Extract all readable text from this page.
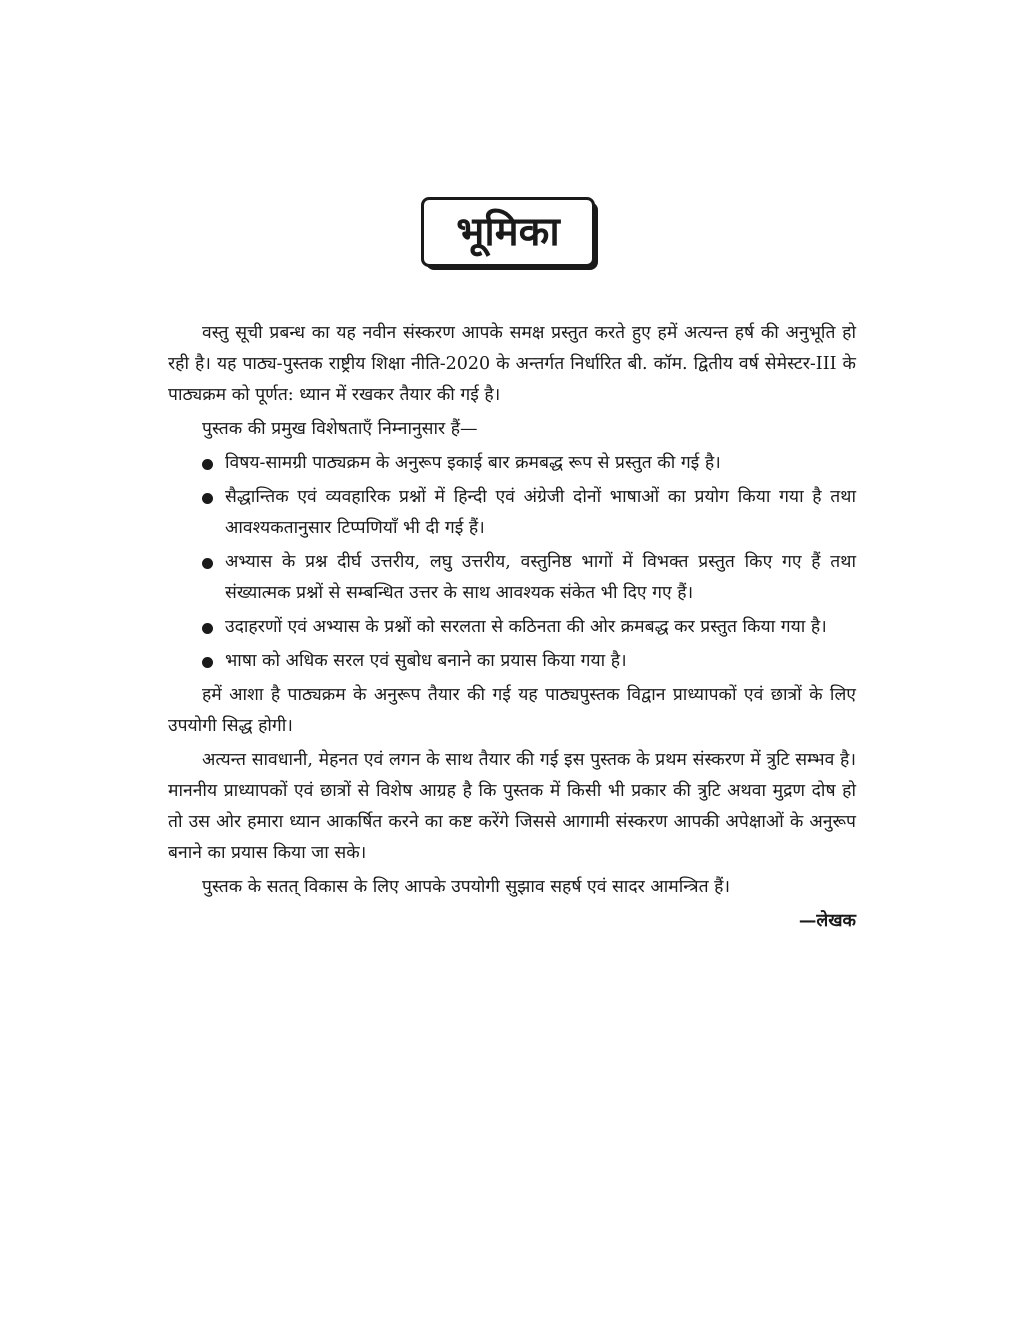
भूमिका

वस्तु सूची प्रबन्ध का यह नवीन संस्करण आपके समक्ष प्रस्तुत करते हुए हमें अत्यन्त हर्ष की अनुभूति हो रही है। यह पाठ्य-पुस्तक राष्ट्रीय शिक्षा नीति-2020 के अन्तर्गत निर्धारित बी. कॉम. द्वितीय वर्ष सेमेस्टर-III के पाठ्यक्रम को पूर्णत: ध्यान में रखकर तैयार की गई है।

पुस्तक की प्रमुख विशेषताएँ निम्नानुसार हैं—

विषय-सामग्री पाठ्यक्रम के अनुरूप इकाई बार क्रमबद्ध रूप से प्रस्तुत की गई है।
सैद्धान्तिक एवं व्यवहारिक प्रश्नों में हिन्दी एवं अंग्रेजी दोनों भाषाओं का प्रयोग किया गया है तथा आवश्यकतानुसार टिप्पणियाँ भी दी गई हैं।
अभ्यास के प्रश्न दीर्घ उत्तरीय, लघु उत्तरीय, वस्तुनिष्ठ भागों में विभक्त प्रस्तुत किए गए हैं तथा संख्यात्मक प्रश्नों से सम्बन्धित उत्तर के साथ आवश्यक संकेत भी दिए गए हैं।
उदाहरणों एवं अभ्यास के प्रश्नों को सरलता से कठिनता की ओर क्रमबद्ध कर प्रस्तुत किया गया है।
भाषा को अधिक सरल एवं सुबोध बनाने का प्रयास किया गया है।

हमें आशा है पाठ्यक्रम के अनुरूप तैयार की गई यह पाठ्यपुस्तक विद्वान प्राध्यापकों एवं छात्रों के लिए उपयोगी सिद्ध होगी।

अत्यन्त सावधानी, मेहनत एवं लगन के साथ तैयार की गई इस पुस्तक के प्रथम संस्करण में त्रुटि सम्भव है। माननीय प्राध्यापकों एवं छात्रों से विशेष आग्रह है कि पुस्तक में किसी भी प्रकार की त्रुटि अथवा मुद्रण दोष हो तो उस ओर हमारा ध्यान आकर्षित करने का कष्ट करेंगे जिससे आगामी संस्करण आपकी अपेक्षाओं के अनुरूप बनाने का प्रयास किया जा सके।

पुस्तक के सतत् विकास के लिए आपके उपयोगी सुझाव सहर्ष एवं सादर आमन्त्रित हैं।

—लेखक
